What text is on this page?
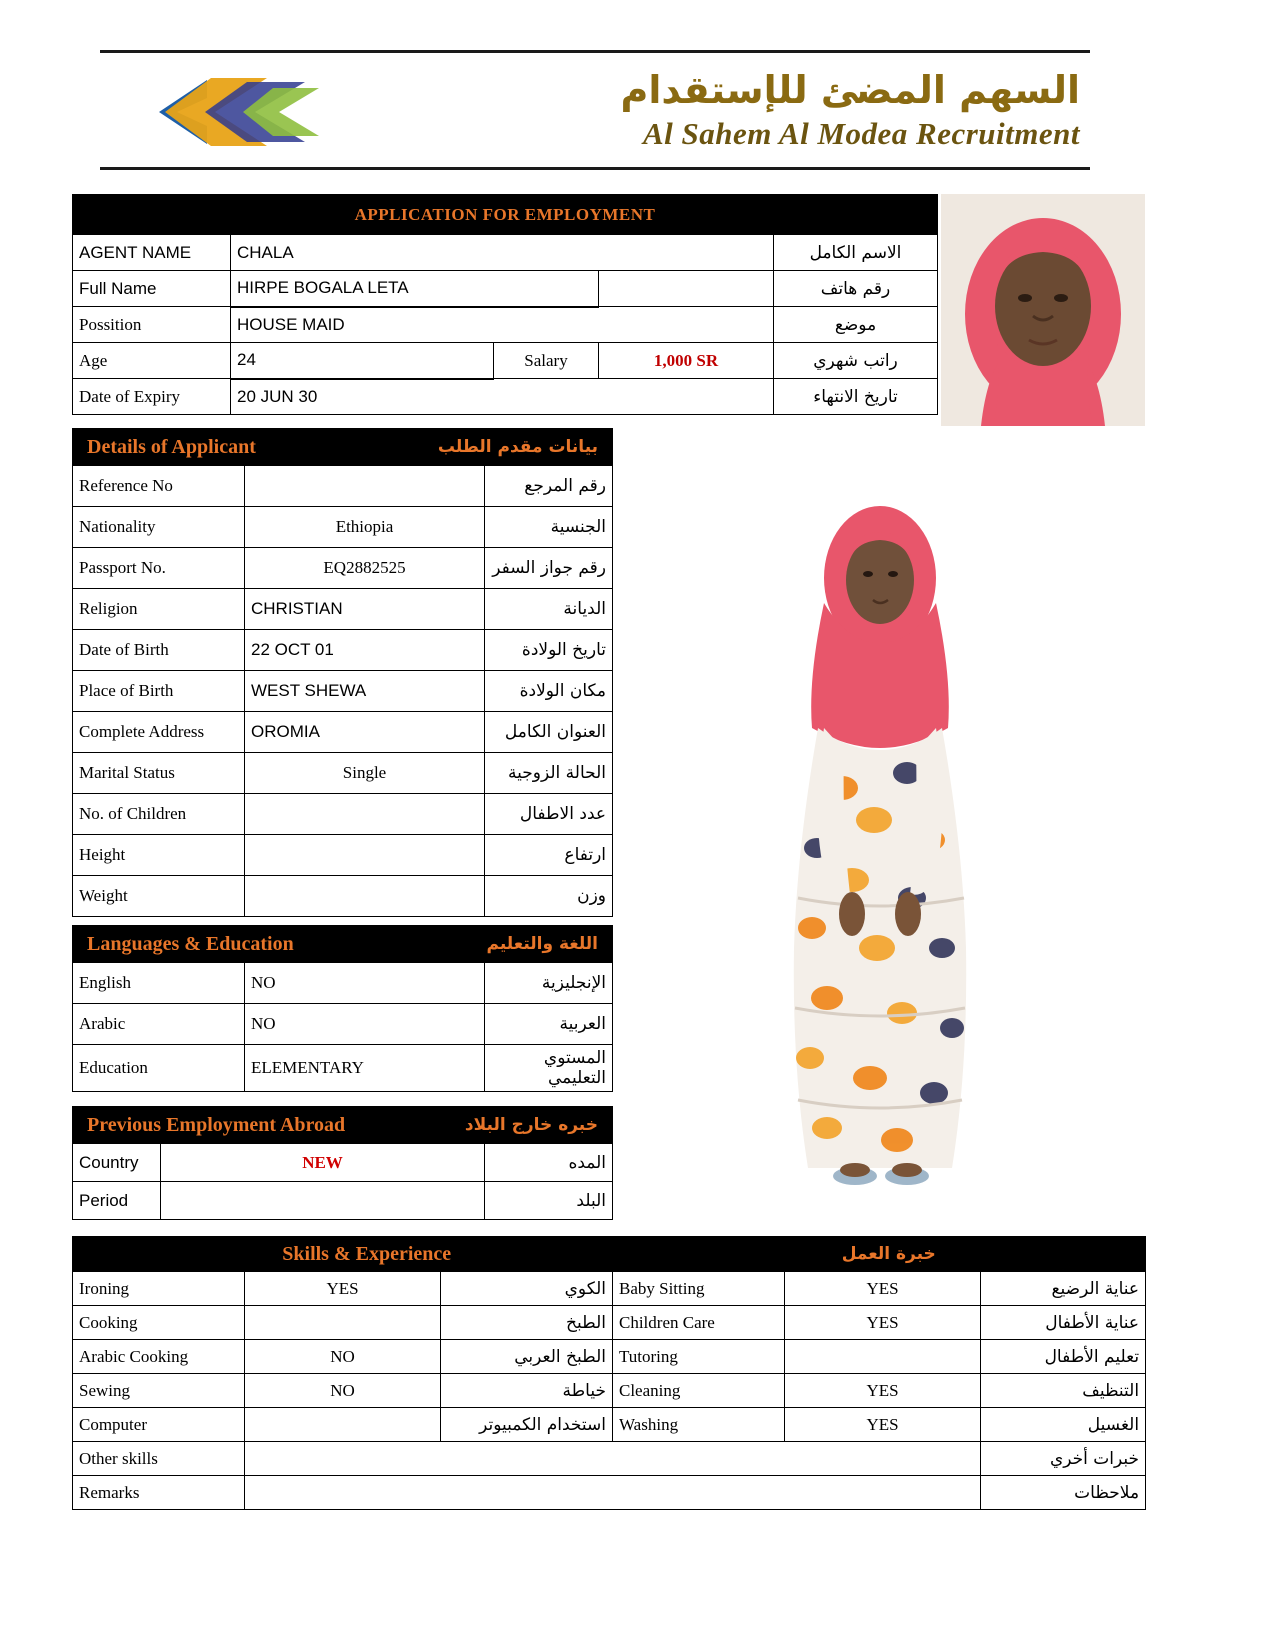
السهم المضئ للإستقدام
Al Sahem Al Modea Recruitment
APPLICATION FOR EMPLOYMENT				
AGENT NAME	CHALA			الاسم الكامل
Full Name	HIRPE BOGALA LETA			رقم هاتف
Possition	HOUSE MAID			موضع
Age	24	Salary	1,000 SR	راتب شهري
Date of Expiry	20 JUN 30			تاريخ الانتهاء
Details of Applicant بيانات مقدم الطلب		

Reference No		رقم المرجع
Nationality	Ethiopia	الجنسية
Passport No.	EQ2882525	رقم جواز السفر
Religion	CHRISTIAN	الديانة
Date of Birth	22 OCT 01	تاريخ الولادة
Place of Birth	WEST SHEWA	مكان الولادة
Complete Address	OROMIA	العنوان الكامل
Marital Status	Single	الحالة الزوجية
No. of Children		عدد الاطفال
Height		ارتفاع
Weight		وزن
Languages & Education اللغة والتعليم		

English	NO	الإنجليزية
Arabic	NO	العربية
Education	ELEMENTARY	المستوي التعليمي
Previous Employment Abroad خبره خارج البلاد		

Country	NEW	المده
Period		البلد
Skills & Experience خبرة العمل					

Ironing	YES	الكوي	Baby Sitting	YES	عناية الرضيع
Cooking		الطبخ	Children Care	YES	عناية الأطفال
Arabic Cooking	NO	الطبخ العربي	Tutoring		تعليم الأطفال
Sewing	NO	خياطة	Cleaning	YES	التنظيف
Computer		استخدام الكمبيوتر	Washing	YES	الغسيل
Other skills					خبرات أخري
Remarks					ملاحظات
